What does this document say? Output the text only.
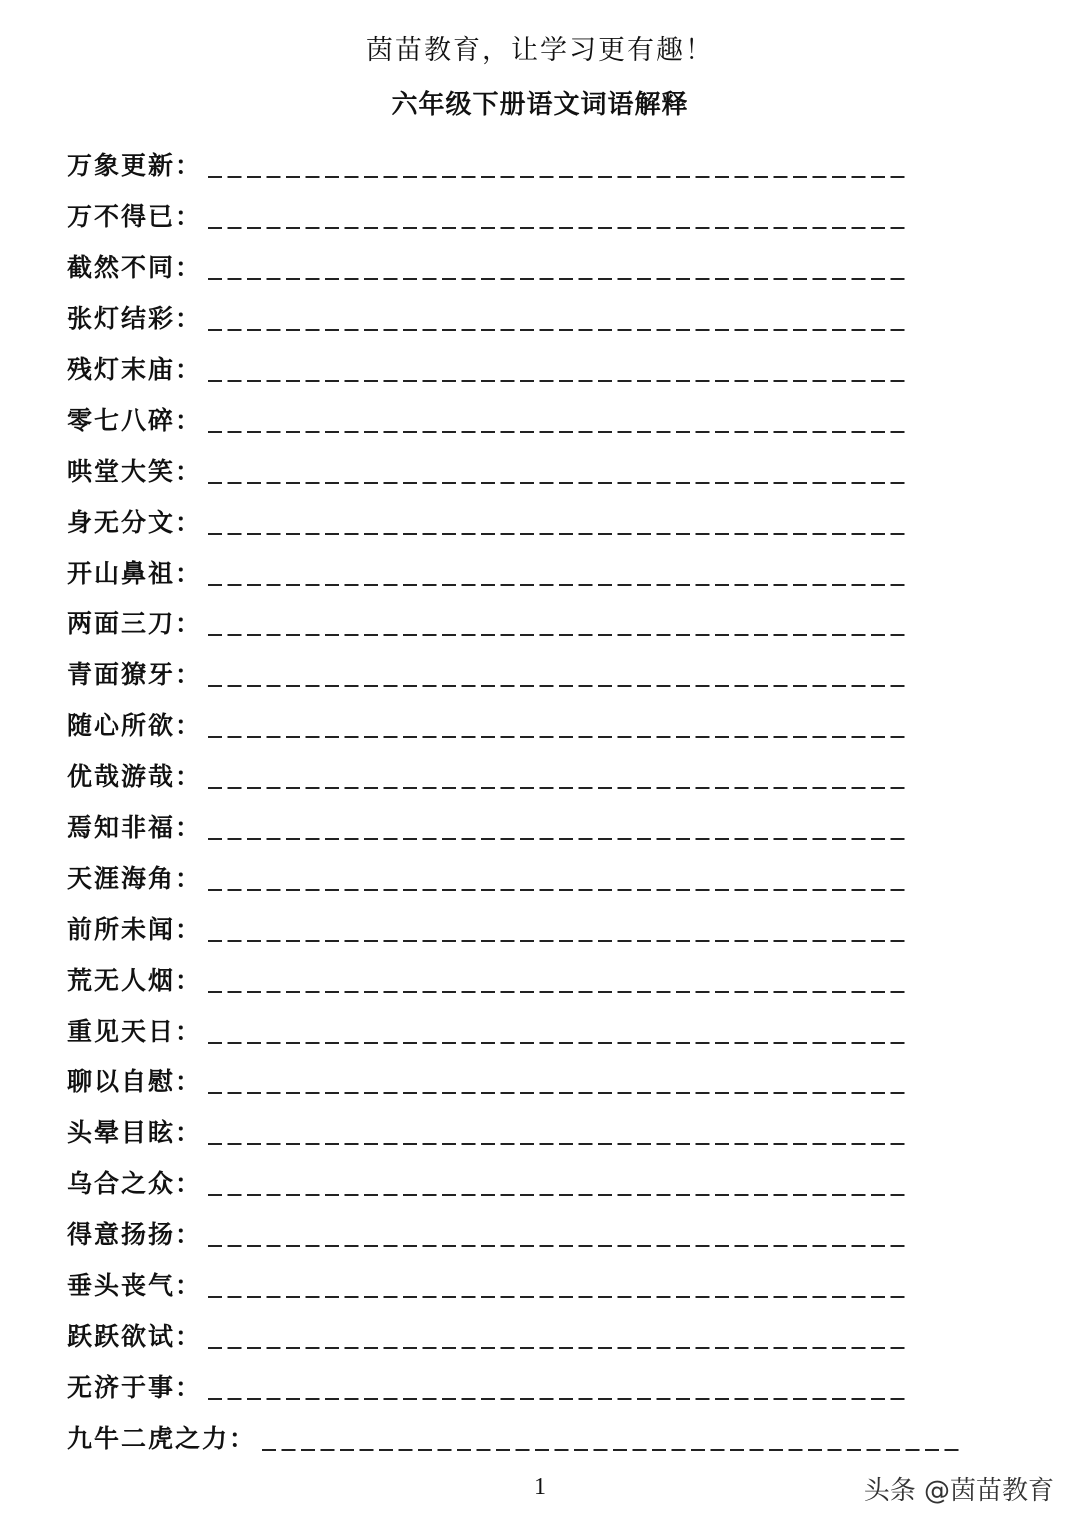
茵苗教育，让学习更有趣！
六年级下册语文词语解释
万象更新：
万不得已：
截然不同：
张灯结彩：
残灯末庙：
零七八碎：
哄堂大笑：
身无分文：
开山鼻祖：
两面三刀：
青面獠牙：
随心所欲：
优哉游哉：
焉知非福：
天涯海角：
前所未闻：
荒无人烟：
重见天日：
聊以自慰：
头晕目眩：
乌合之众：
得意扬扬：
垂头丧气：
跃跃欲试：
无济于事：
九牛二虎之力：
1	头条 @茵苗教育
